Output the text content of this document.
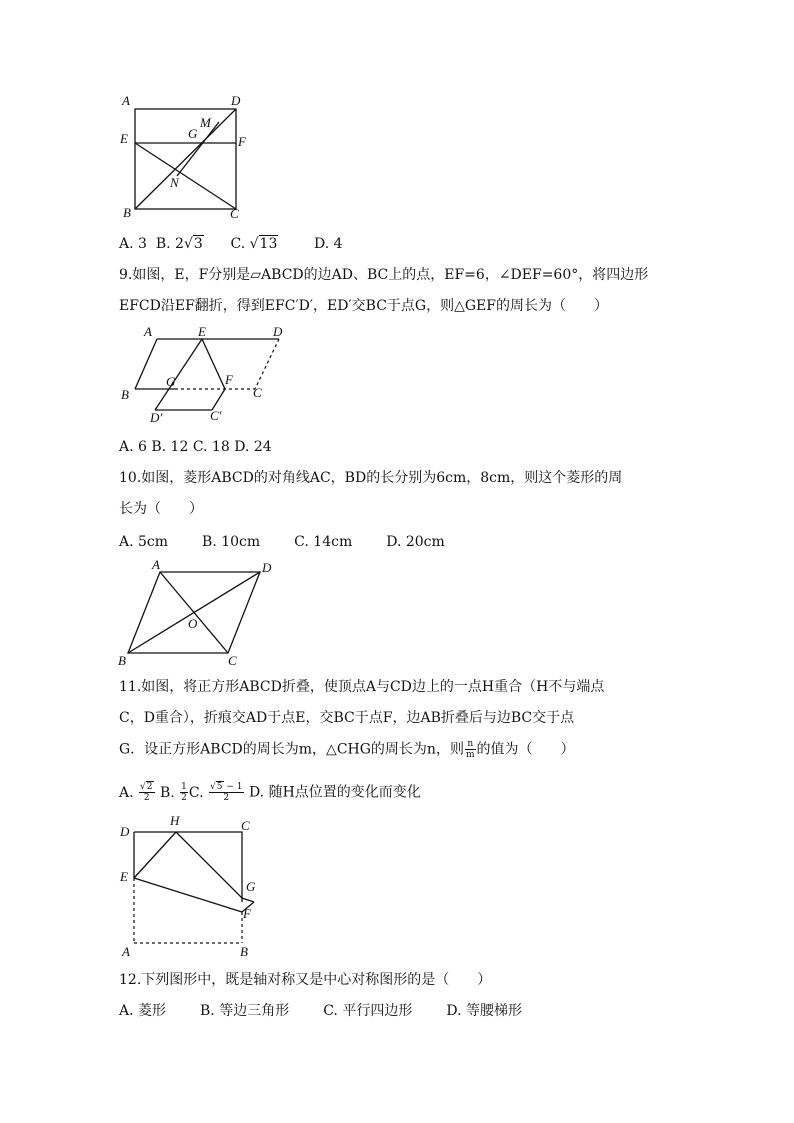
A	D
E	F
G
M
N
B	C
A. 3 B. 2√3 C. √13	D. 4
9.如图，E，F分别是▱ABCD的边AD、BC上的点，EF=6，∠DEF=60°，将四边形
EFCD沿EF翻折，得到EFC′D′，ED′交BC于点G，则△GEF的周长为（　　）
A	E	D
B
G	F
C
D′	C′
A. 6 B. 12 C. 18 D. 24
10.如图，菱形ABCD的对角线AC，BD的长分别为6cm，8cm，则这个菱形的周
长为（　　）
A. 5cm B. 10cm C. 14cm D. 20cm
A	D
O
B	C
11.如图，将正方形ABCD折叠，使顶点A与CD边上的一点H重合（H不与端点
C，D重合），折痕交AD于点E，交BC于点F，边AB折叠后与边BC交于点
G．设正方形ABCD的周长为m，△CHG的周长为n，则 $\frac{n}{m}$ 的值为（　　）
A. $\frac{√2}{2} B$. $\frac{1}{2} C$. $\frac{√5 - 1}{2} D$. 随H点位置的变化而变化
D
H	C
E
G
F
A	B
12.下列图形中，既是轴对称又是中心对称图形的是（　　）
A. 菱形 B. 等边三角形 C. 平行四边形 D. 等腰梯形
